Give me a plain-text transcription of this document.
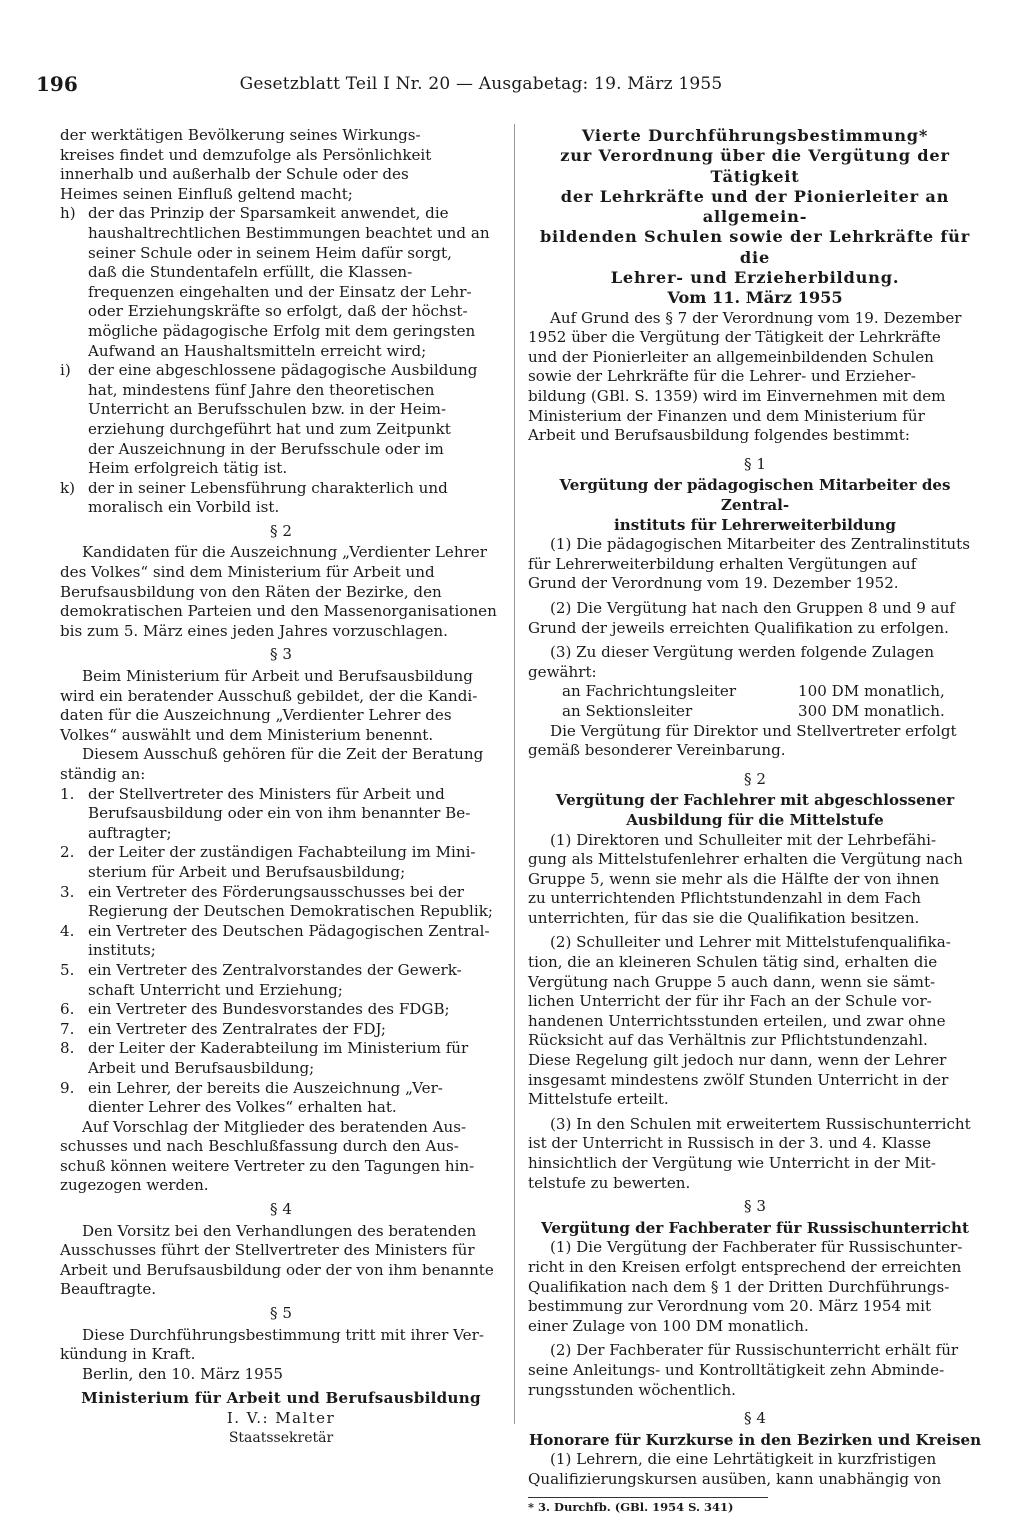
196	Gesetzblatt Teil I Nr. 20 — Ausgabetag: 19. März 1955
der werktätigen Bevölkerung seines Wirkungs-
kreises findet und demzufolge als Persönlichkeit
innerhalb und außerhalb der Schule oder des
Heimes seinen Einfluß geltend macht;
h) der das Prinzip der Sparsamkeit anwendet, die
haushaltrechtlichen Bestimmungen beachtet und an
seiner Schule oder in seinem Heim dafür sorgt,
daß die Stundentafeln erfüllt, die Klassen-
frequenzen eingehalten und der Einsatz der Lehr-
oder Erziehungskräfte so erfolgt, daß der höchst-
mögliche pädagogische Erfolg mit dem geringsten
Aufwand an Haushaltsmitteln erreicht wird;
i) der eine abgeschlossene pädagogische Ausbildung
hat, mindestens fünf Jahre den theoretischen
Unterricht an Berufsschulen bzw. in der Heim-
erziehung durchgeführt hat und zum Zeitpunkt
der Auszeichnung in der Berufsschule oder im
Heim erfolgreich tätig ist.
k) der in seiner Lebensführung charakterlich und
moralisch ein Vorbild ist.

§ 2

Kandidaten für die Auszeichnung „Verdienter Lehrer
des Volkes“ sind dem Ministerium für Arbeit und
Berufsausbildung von den Räten der Bezirke, den
demokratischen Parteien und den Massenorganisationen
bis zum 5. März eines jeden Jahres vorzuschlagen.

§ 3

Beim Ministerium für Arbeit und Berufsausbildung
wird ein beratender Ausschuß gebildet, der die Kandi-
daten für die Auszeichnung „Verdienter Lehrer des
Volkes“ auswählt und dem Ministerium benennt.
Diesem Ausschuß gehören für die Zeit der Beratung
ständig an:
1. der Stellvertreter des Ministers für Arbeit und
Berufsausbildung oder ein von ihm benannter Be-
auftragter;
2. der Leiter der zuständigen Fachabteilung im Mini-
sterium für Arbeit und Berufsausbildung;
3. ein Vertreter des Förderungsausschusses bei der
Regierung der Deutschen Demokratischen Republik;
4. ein Vertreter des Deutschen Pädagogischen Zentral-
instituts;
5. ein Vertreter des Zentralvorstandes der Gewerk-
schaft Unterricht und Erziehung;
6. ein Vertreter des Bundesvorstandes des FDGB;
7. ein Vertreter des Zentralrates der FDJ;
8. der Leiter der Kaderabteilung im Ministerium für
Arbeit und Berufsausbildung;
9. ein Lehrer, der bereits die Auszeichnung „Ver-
dienter Lehrer des Volkes“ erhalten hat.
Auf Vorschlag der Mitglieder des beratenden Aus-
schusses und nach Beschlußfassung durch den Aus-
schuß können weitere Vertreter zu den Tagungen hin-
zugezogen werden.

§ 4

Den Vorsitz bei den Verhandlungen des beratenden
Ausschusses führt der Stellvertreter des Ministers für
Arbeit und Berufsausbildung oder der von ihm benannte
Beauftragte.

§ 5

Diese Durchführungsbestimmung tritt mit ihrer Ver-
kündung in Kraft.

Berlin, den 10. März 1955

Ministerium für Arbeit und Berufsausbildung

I. V.: Malter

Staatssekretär

Vierte Durchführungsbestimmung*
zur Verordnung über die Vergütung der Tätigkeit
der Lehrkräfte und der Pionierleiter an allgemein-
bildenden Schulen sowie der Lehrkräfte für die
Lehrer- und Erzieherbildung.

Vom 11. März 1955

Auf Grund des § 7 der Verordnung vom 19. Dezember
1952 über die Vergütung der Tätigkeit der Lehrkräfte
und der Pionierleiter an allgemeinbildenden Schulen
sowie der Lehrkräfte für die Lehrer- und Erzieher-
bildung (GBl. S. 1359) wird im Einvernehmen mit dem
Ministerium der Finanzen und dem Ministerium für
Arbeit und Berufsausbildung folgendes bestimmt:

§ 1

Vergütung der pädagogischen Mitarbeiter des Zentral-
instituts für Lehrerweiterbildung
(1) Die pädagogischen Mitarbeiter des Zentralinstituts
für Lehrerweiterbildung erhalten Vergütungen auf
Grund der Verordnung vom 19. Dezember 1952.
(2) Die Vergütung hat nach den Gruppen 8 und 9 auf
Grund der jeweils erreichten Qualifikation zu erfolgen.
(3) Zu dieser Vergütung werden folgende Zulagen
gewährt:
an Fachrichtungsleiter	100 DM monatlich,
an Sektionsleiter	300 DM monatlich.
Die Vergütung für Direktor und Stellvertreter erfolgt
gemäß besonderer Vereinbarung.

§ 2

Vergütung der Fachlehrer mit abgeschlossener
Ausbildung für die Mittelstufe
(1) Direktoren und Schulleiter mit der Lehrbefähi-
gung als Mittelstufenlehrer erhalten die Vergütung nach
Gruppe 5, wenn sie mehr als die Hälfte der von ihnen
zu unterrichtenden Pflichtstundenzahl in dem Fach
unterrichten, für das sie die Qualifikation besitzen.
(2) Schulleiter und Lehrer mit Mittelstufenqualifika-
tion, die an kleineren Schulen tätig sind, erhalten die
Vergütung nach Gruppe 5 auch dann, wenn sie sämt-
lichen Unterricht der für ihr Fach an der Schule vor-
handenen Unterrichtsstunden erteilen, und zwar ohne
Rücksicht auf das Verhältnis zur Pflichtstundenzahl.
Diese Regelung gilt jedoch nur dann, wenn der Lehrer
insgesamt mindestens zwölf Stunden Unterricht in der
Mittelstufe erteilt.
(3) In den Schulen mit erweitertem Russischunterricht
ist der Unterricht in Russisch in der 3. und 4. Klasse
hinsichtlich der Vergütung wie Unterricht in der Mit-
telstufe zu bewerten.

§ 3

Vergütung der Fachberater für Russischunterricht
(1) Die Vergütung der Fachberater für Russischunter-
richt in den Kreisen erfolgt entsprechend der erreichten
Qualifikation nach dem § 1 der Dritten Durchführungs-
bestimmung zur Verordnung vom 20. März 1954 mit
einer Zulage von 100 DM monatlich.
(2) Der Fachberater für Russischunterricht erhält für
seine Anleitungs- und Kontrolltätigkeit zehn Abminde-
rungsstunden wöchentlich.

§ 4

Honorare für Kurzkurse in den Bezirken und Kreisen
(1) Lehrern, die eine Lehrtätigkeit in kurzfristigen
Qualifizierungskursen ausüben, kann unabhängig von
* 3. Durchfb. (GBl. 1954 S. 341)
